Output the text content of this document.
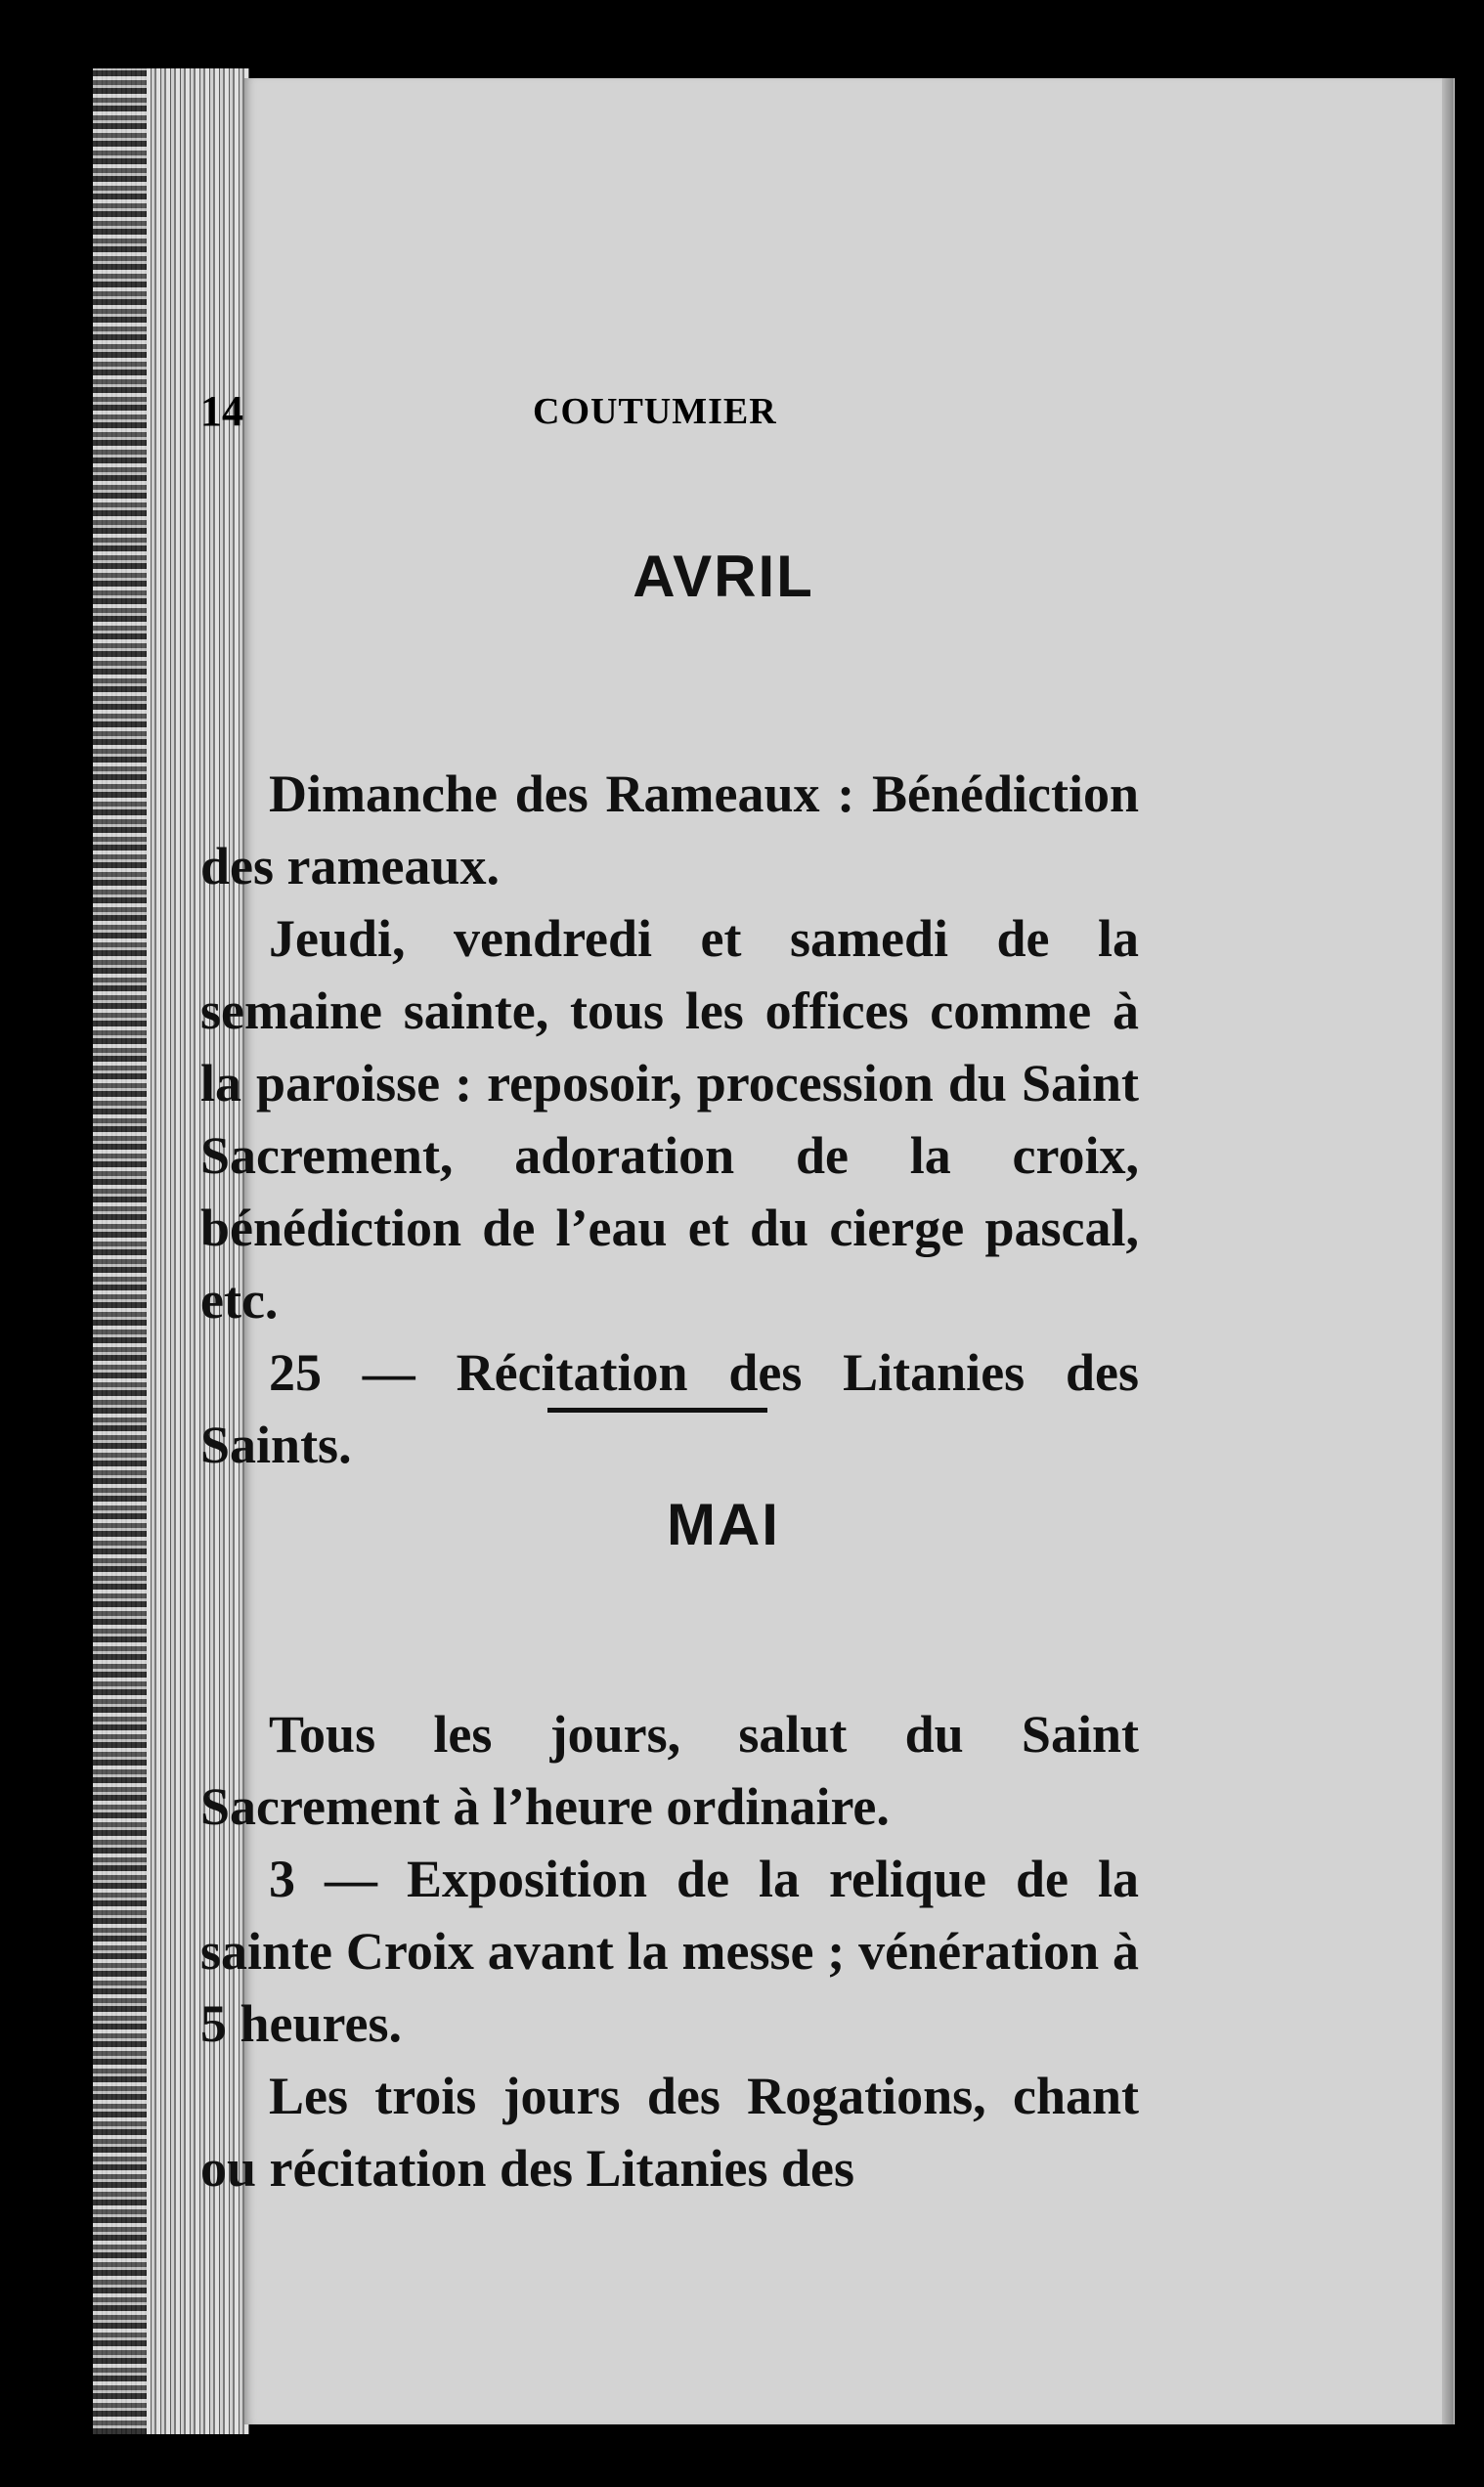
14	COUTUMIER
AVRIL

Dimanche des Rameaux : Bénédiction des rameaux.

Jeudi, vendredi et samedi de la semaine sainte, tous les offices comme à la paroisse : reposoir, procession du Saint Sacrement, adoration de la croix, bénédiction de l’eau et du cierge pascal, etc.

25 — Récitation des Litanies des Saints.

MAI

Tous les jours, salut du Saint Sacrement à l’heure ordinaire.

3 — Exposition de la relique de la sainte Croix avant la messe ; vénération à 5 heures.

Les trois jours des Rogations, chant ou récitation des Litanies des
